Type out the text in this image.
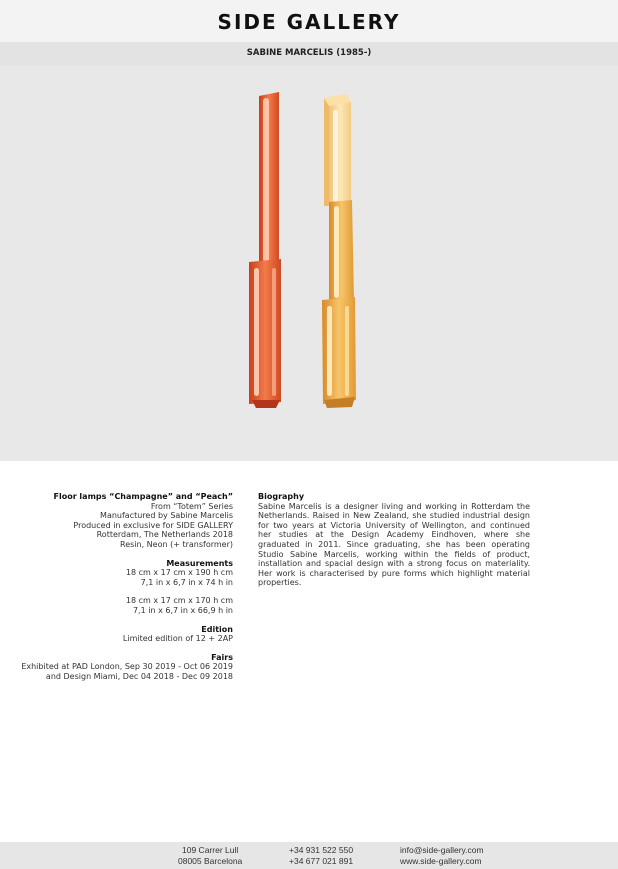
SIDE GALLERY
SABINE MARCELIS (1985-)
Floor lamps “Champagne” and “Peach”
From “Totem” Series
Manufactured by Sabine Marcelis
Produced in exclusive for SIDE GALLERY
Rotterdam, The Netherlands 2018
Resin, Neon (+ transformer)
Measurements
18 cm x 17 cm x 190 h cm
7,1 in x 6,7 in x 74 h in
18 cm x 17 cm x 170 h cm
7,1 in x 6,7 in x 66,9 h in
Edition
Limited edition of 12 + 2AP
Fairs
Exhibited at PAD London, Sep 30 2019 - Oct 06 2019
and Design Miami, Dec 04 2018 - Dec 09 2018
Biography
Sabine Marcelis is a designer living and working in Rotterdam the Netherlands. Raised in New Zealand, she studied industrial design for two years at Victoria University of Wellington, and continued her studies at the Design Academy Eindhoven, where she graduated in 2011. Since graduating, she has been operating Studio Sabine Marcelis, working within the fields of product, installation and spacial design with a strong focus on materiality. Her work is characterised by pure forms which highlight material properties.
109 Carrer Lull
08005 Barcelona
+34 931 522 550
+34 677 021 891
info@side-gallery.com
www.side-gallery.com
